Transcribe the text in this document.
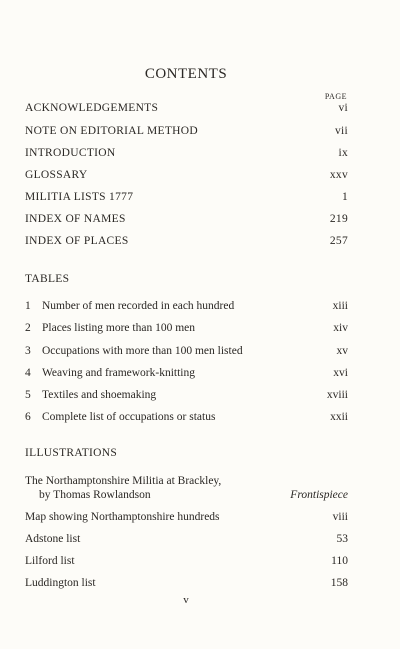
CONTENTS
PAGE
ACKNOWLEDGEMENTS	vi
NOTE ON EDITORIAL METHOD	vii
INTRODUCTION	ix
GLOSSARY	xxv
MILITIA LISTS 1777	1
INDEX OF NAMES	219
INDEX OF PLACES	257
TABLES
1 Number of men recorded in each hundred	xiii
2 Places listing more than 100 men	xiv
3 Occupations with more than 100 men listed	xv
4 Weaving and framework-knitting	xvi
5 Textiles and shoemaking	xviii
6 Complete list of occupations or status	xxii
ILLUSTRATIONS
The Northamptonshire Militia at Brackley,
by Thomas Rowlandson	Frontispiece
Map showing Northamptonshire hundreds	viii
Adstone list	53
Lilford list	110
Luddington list	158
v
